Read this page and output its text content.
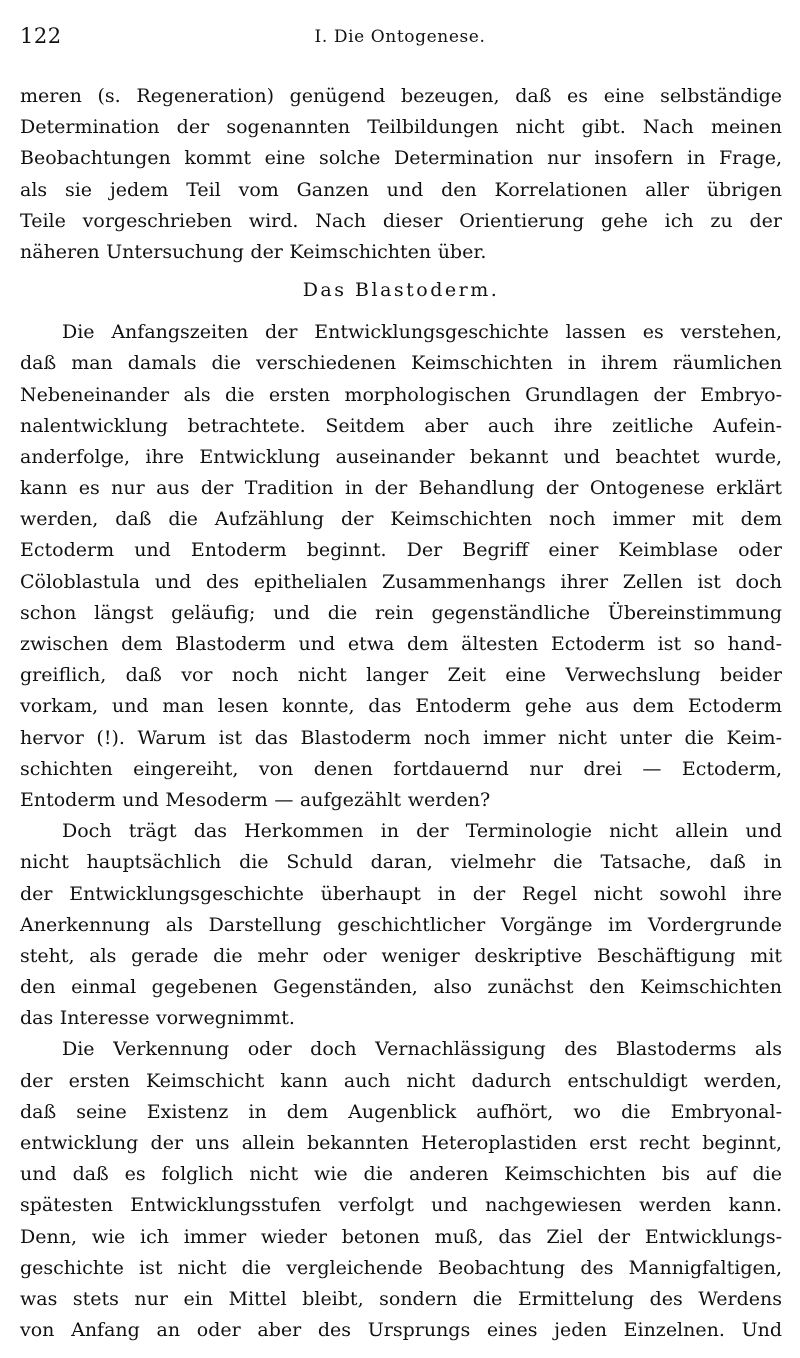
122	I. Die Ontogenese.
meren (s. Regeneration) genügend bezeugen, daß es eine selbständige
Determination der sogenannten Teilbildungen nicht gibt. Nach meinen
Beobachtungen kommt eine solche Determination nur insofern in Frage,
als sie jedem Teil vom Ganzen und den Korrelationen aller übrigen
Teile vorgeschrieben wird. Nach dieser Orientierung gehe ich zu der
näheren Untersuchung der Keimschichten über.
Das Blastoderm.
Die Anfangszeiten der Entwicklungsgeschichte lassen es verstehen,
daß man damals die verschiedenen Keimschichten in ihrem räumlichen
Nebeneinander als die ersten morphologischen Grundlagen der Embryo-
nalentwicklung betrachtete. Seitdem aber auch ihre zeitliche Aufein-
anderfolge, ihre Entwicklung auseinander bekannt und beachtet wurde,
kann es nur aus der Tradition in der Behandlung der Ontogenese erklärt
werden, daß die Aufzählung der Keimschichten noch immer mit dem
Ectoderm und Entoderm beginnt. Der Begriff einer Keimblase oder
Cöloblastula und des epithelialen Zusammenhangs ihrer Zellen ist doch
schon längst geläufig; und die rein gegenständliche Übereinstimmung
zwischen dem Blastoderm und etwa dem ältesten Ectoderm ist so hand-
greiflich, daß vor noch nicht langer Zeit eine Verwechslung beider
vorkam, und man lesen konnte, das Entoderm gehe aus dem Ectoderm
hervor (!). Warum ist das Blastoderm noch immer nicht unter die Keim-
schichten eingereiht, von denen fortdauernd nur drei — Ectoderm,
Entoderm und Mesoderm — aufgezählt werden?
Doch trägt das Herkommen in der Terminologie nicht allein und
nicht hauptsächlich die Schuld daran, vielmehr die Tatsache, daß in
der Entwicklungsgeschichte überhaupt in der Regel nicht sowohl ihre
Anerkennung als Darstellung geschichtlicher Vorgänge im Vordergrunde
steht, als gerade die mehr oder weniger deskriptive Beschäftigung mit
den einmal gegebenen Gegenständen, also zunächst den Keimschichten
das Interesse vorwegnimmt.
Die Verkennung oder doch Vernachlässigung des Blastoderms als
der ersten Keimschicht kann auch nicht dadurch entschuldigt werden,
daß seine Existenz in dem Augenblick aufhört, wo die Embryonal-
entwicklung der uns allein bekannten Heteroplastiden erst recht beginnt,
und daß es folglich nicht wie die anderen Keimschichten bis auf die
spätesten Entwicklungsstufen verfolgt und nachgewiesen werden kann.
Denn, wie ich immer wieder betonen muß, das Ziel der Entwicklungs-
geschichte ist nicht die vergleichende Beobachtung des Mannigfaltigen,
was stets nur ein Mittel bleibt, sondern die Ermittelung des Werdens
von Anfang an oder aber des Ursprungs eines jeden Einzelnen. Und
